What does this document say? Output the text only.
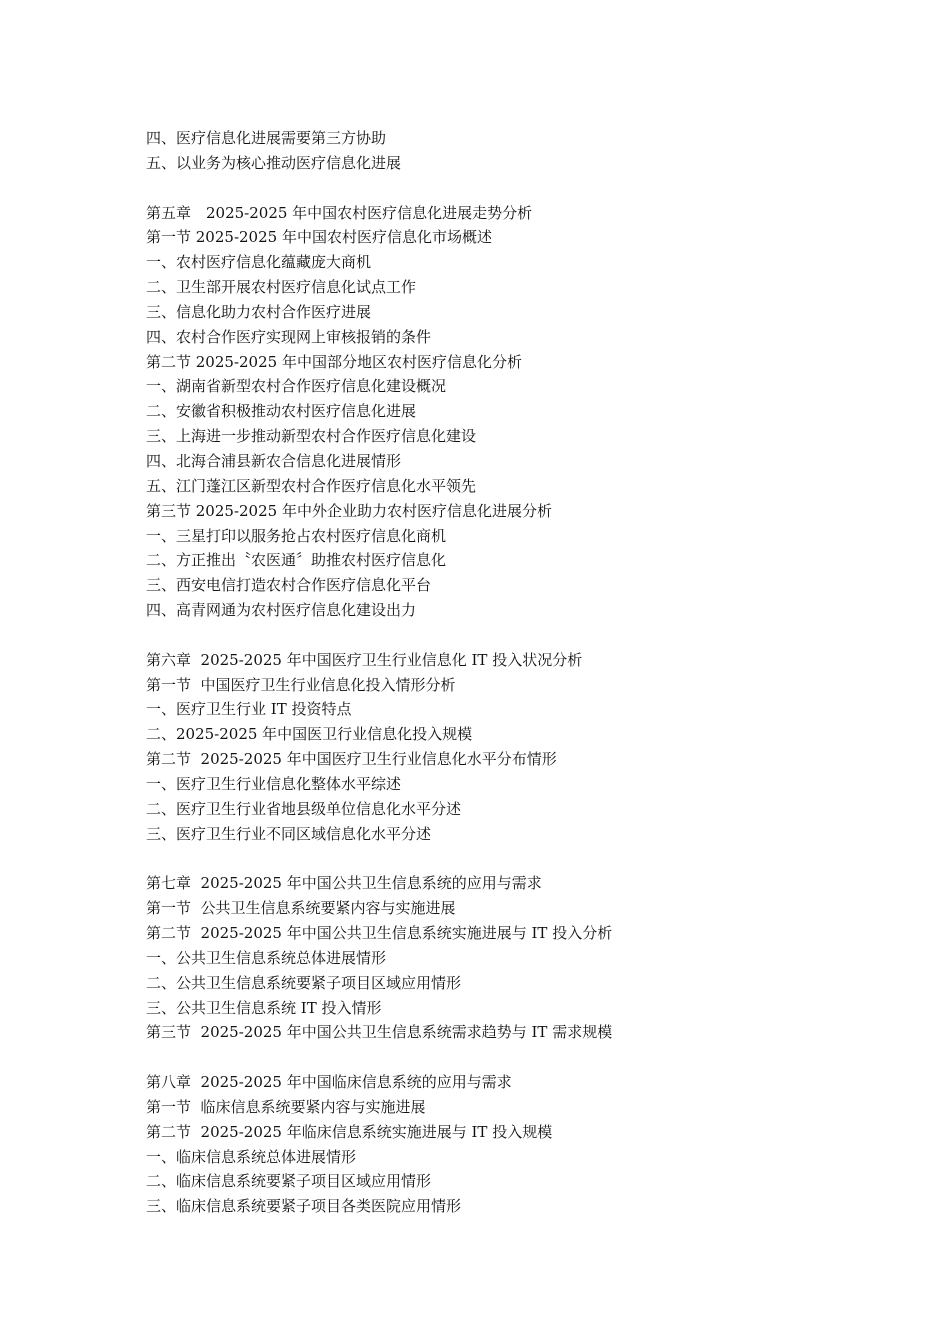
四、医疗信息化进展需要第三方协助
五、以业务为核心推动医疗信息化进展
第五章　2025-2025 年中国农村医疗信息化进展走势分析
第一节 2025-2025 年中国农村医疗信息化市场概述
一、农村医疗信息化蕴藏庞大商机
二、卫生部开展农村医疗信息化试点工作
三、信息化助力农村合作医疗进展
四、农村合作医疗实现网上审核报销的条件
第二节 2025-2025 年中国部分地区农村医疗信息化分析
一、湖南省新型农村合作医疗信息化建设概况
二、安徽省积极推动农村医疗信息化进展
三、上海进一步推动新型农村合作医疗信息化建设
四、北海合浦县新农合信息化进展情形
五、江门蓬江区新型农村合作医疗信息化水平领先
第三节 2025-2025 年中外企业助力农村医疗信息化进展分析
一、三星打印以服务抢占农村医疗信息化商机
二、方正推出〝农医通〞助推农村医疗信息化
三、西安电信打造农村合作医疗信息化平台
四、高青网通为农村医疗信息化建设出力
第六章  2025-2025 年中国医疗卫生行业信息化 IT 投入状况分析
第一节  中国医疗卫生行业信息化投入情形分析
一、医疗卫生行业 IT 投资特点
二、2025-2025 年中国医卫行业信息化投入规模
第二节  2025-2025 年中国医疗卫生行业信息化水平分布情形
一、医疗卫生行业信息化整体水平综述
二、医疗卫生行业省地县级单位信息化水平分述
三、医疗卫生行业不同区域信息化水平分述
第七章  2025-2025 年中国公共卫生信息系统的应用与需求
第一节  公共卫生信息系统要紧内容与实施进展
第二节  2025-2025 年中国公共卫生信息系统实施进展与 IT 投入分析
一、公共卫生信息系统总体进展情形
二、公共卫生信息系统要紧子项目区域应用情形
三、公共卫生信息系统 IT 投入情形
第三节  2025-2025 年中国公共卫生信息系统需求趋势与 IT 需求规模
第八章  2025-2025 年中国临床信息系统的应用与需求
第一节  临床信息系统要紧内容与实施进展
第二节  2025-2025 年临床信息系统实施进展与 IT 投入规模
一、临床信息系统总体进展情形
二、临床信息系统要紧子项目区域应用情形
三、临床信息系统要紧子项目各类医院应用情形
